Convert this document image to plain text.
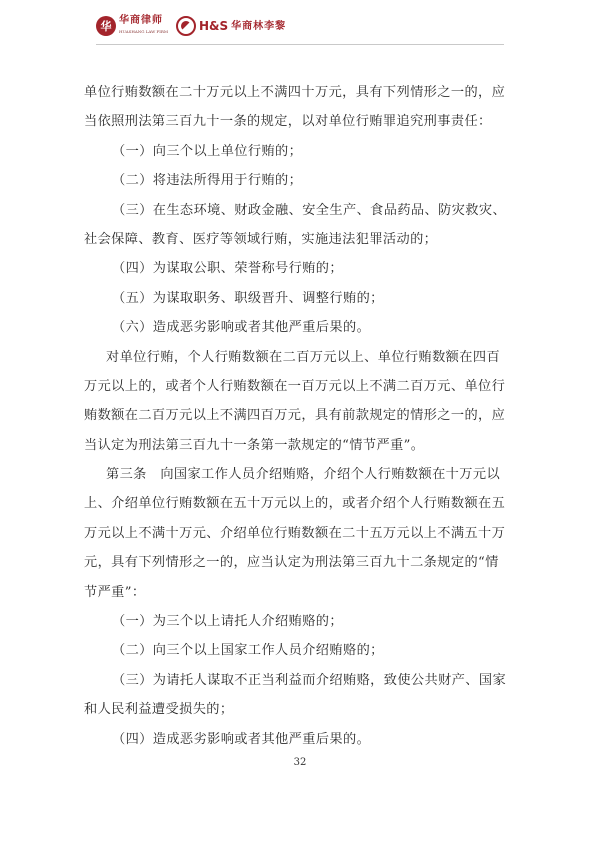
华 华商律师
HUASHANG LAW FIRM	H&S 华商林李黎
单位行贿数额在二十万元以上不满四十万元，具有下列情形之一的，应
当依照刑法第三百九十一条的规定，以对单位行贿罪追究刑事责任：
（一）向三个以上单位行贿的；
（二）将违法所得用于行贿的；
（三）在生态环境、财政金融、安全生产、食品药品、防灾救灾、
社会保障、教育、医疗等领域行贿，实施违法犯罪活动的；
（四）为谋取公职、荣誉称号行贿的；
（五）为谋取职务、职级晋升、调整行贿的；
（六）造成恶劣影响或者其他严重后果的。
对单位行贿，个人行贿数额在二百万元以上、单位行贿数额在四百
万元以上的，或者个人行贿数额在一百万元以上不满二百万元、单位行
贿数额在二百万元以上不满四百万元，具有前款规定的情形之一的，应
当认定为刑法第三百九十一条第一款规定的“情节严重”。
第三条　向国家工作人员介绍贿赂，介绍个人行贿数额在十万元以
上、介绍单位行贿数额在五十万元以上的，或者介绍个人行贿数额在五
万元以上不满十万元、介绍单位行贿数额在二十五万元以上不满五十万
元，具有下列情形之一的，应当认定为刑法第三百九十二条规定的“情
节严重”：
（一）为三个以上请托人介绍贿赂的；
（二）向三个以上国家工作人员介绍贿赂的；
（三）为请托人谋取不正当利益而介绍贿赂，致使公共财产、国家
和人民利益遭受损失的；
（四）造成恶劣影响或者其他严重后果的。
32
